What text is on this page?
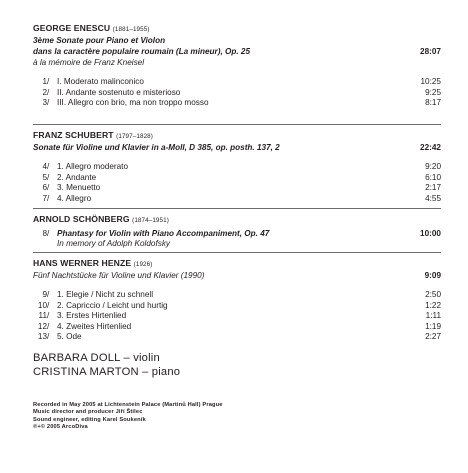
GEORGE ENESCU (1881–1955)
3ème Sonate pour Piano et Violon
dans la caractère populaire roumain (La mineur), Op. 25	28:07
à la mémoire de Franz Kneisel
1 / I. Moderato malinconico	10:25
2 / II. Andante sostenuto e misterioso	9:25
3 / III. Allegro con brio, ma non troppo mosso	8:17
FRANZ SCHUBERT (1797–1828)
Sonate für Violine und Klavier in a-Moll, D 385, op. posth. 137, 2	22:42
4 / 1. Allegro moderato	9:20
5 / 2. Andante	6:10
6 / 3. Menuetto	2:17
7 / 4. Allegro	4:55
ARNOLD SCHÖNBERG (1874–1951)
8 / Phantasy for Violin with Piano Accompaniment, Op. 47	10:00
In memory of Adolph Koldofsky
HANS WERNER HENZE (1926)
Fünf Nachtstücke für Violine und Klavier (1990)	9:09
9 / 1. Elegie / Nicht zu schnell	2:50
10 / 2. Capriccio / Leicht und hurtig	1:22
11 / 3. Erstes Hirtenlied	1:11
12 / 4. Zweites Hirtenlied	1:19
13 / 5. Ode	2:27
BARBARA DOLL – violin
CRISTINA MARTON – piano
Recorded in May 2005 at Lichtenstein Palace (Martinů Hall) Prague
Music director and producer Jiří Štilec
Sound engineer, editing Karel Soukeník
℗+© 2005 ArcoDiva
